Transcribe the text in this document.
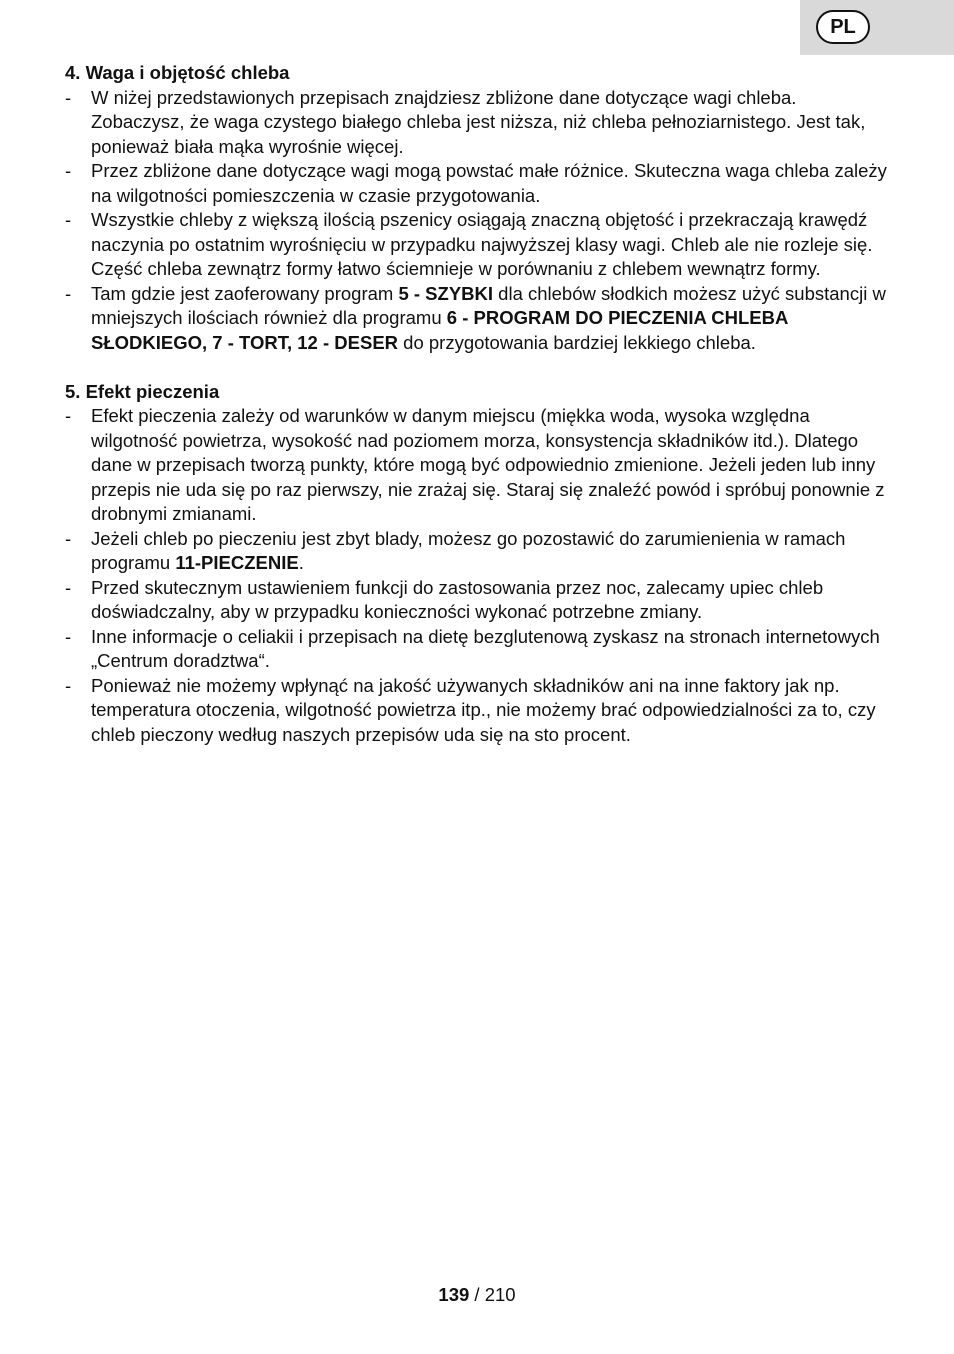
PL

4. Waga i objętość chleba

- W niżej przedstawionych przepisach znajdziesz zbliżone dane dotyczące wagi chleba. Zobaczysz, że waga czystego białego chleba jest niższa, niż chleba pełnoziarnistego. Jest tak, ponieważ biała mąka wyrośnie więcej.
- Przez zbliżone dane dotyczące wagi mogą powstać małe różnice. Skuteczna waga chleba zależy na wilgotności pomieszczenia w czasie przygotowania.
- Wszystkie chleby z większą ilością pszenicy osiągają znaczną objętość i przekraczają krawędź naczynia po ostatnim wyrośnięciu w przypadku najwyższej klasy wagi. Chleb ale nie rozleje się. Część chleba zewnątrz formy łatwo ściemnieje w porównaniu z chlebem wewnątrz formy.
- Tam gdzie jest zaoferowany program 5 - SZYBKI dla chlebów słodkich możesz użyć substancji w mniejszych ilościach również dla programu 6 - PROGRAM DO PIECZENIA CHLEBA SŁODKIEGO, 7 - TORT, 12 - DESER do przygotowania bardziej lekkiego chleba.

5. Efekt pieczenia

- Efekt pieczenia zależy od warunków w danym miejscu (miękka woda, wysoka względna wilgotność powietrza, wysokość nad poziomem morza, konsystencja składników itd.). Dlatego dane w przepisach tworzą punkty, które mogą być odpowiednio zmienione. Jeżeli jeden lub inny przepis nie uda się po raz pierwszy, nie zrażaj się. Staraj się znaleźć powód i spróbuj ponownie z drobnymi zmianami.
- Jeżeli chleb po pieczeniu jest zbyt blady, możesz go pozostawić do zarumienienia w ramach programu 11-PIECZENIE.
- Przed skutecznym ustawieniem funkcji do zastosowania przez noc, zalecamy upiec chleb doświadczalny, aby w przypadku konieczności wykonać potrzebne zmiany.
- Inne informacje o celiakii i przepisach na dietę bezglutenową zyskasz na stronach internetowych „Centrum doradztwa“.
- Ponieważ nie możemy wpłynąć na jakość używanych składników ani na inne faktory jak np. temperatura otoczenia, wilgotność powietrza itp., nie możemy brać odpowiedzialności za to, czy chleb pieczony według naszych przepisów uda się na sto procent.
139 / 210
